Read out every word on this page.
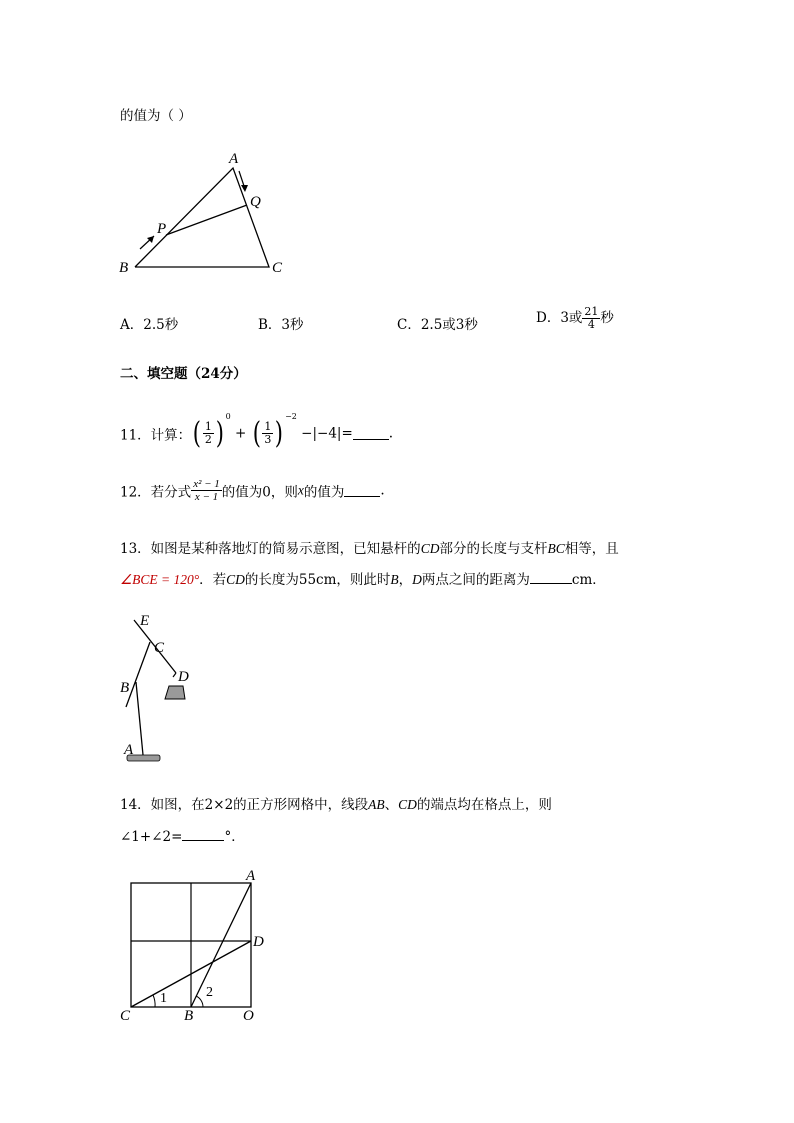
的值为（ ）
A
B	C
P
Q
A．2.5秒	B．3秒	C．2.5或3秒	D．3或 $\frac{21}{4}$ 秒
二、填空题（24分）
11．计算：( $\frac{1}{2}$ ) $^0$ + ( $\frac{1}{3}$ ) $^{-2}$ −|−4|=	.
12．若分式 $\frac{\text{x² − 1}}{x - 1}$ 的值为0，则x的值为	.
13．如图是某种落地灯的简易示意图，已知悬杆的CD部分的长度与支杆BC相等，且
∠BCE = 120°．若CD的长度为55cm，则此时B，D两点之间的距离为	cm．
E
C
D
B
A
14．如图，在2×2的正方形网格中，线段AB、CD的端点均在格点上，则
∠1+∠2=	°．
A
D
C	B	O
1	2
